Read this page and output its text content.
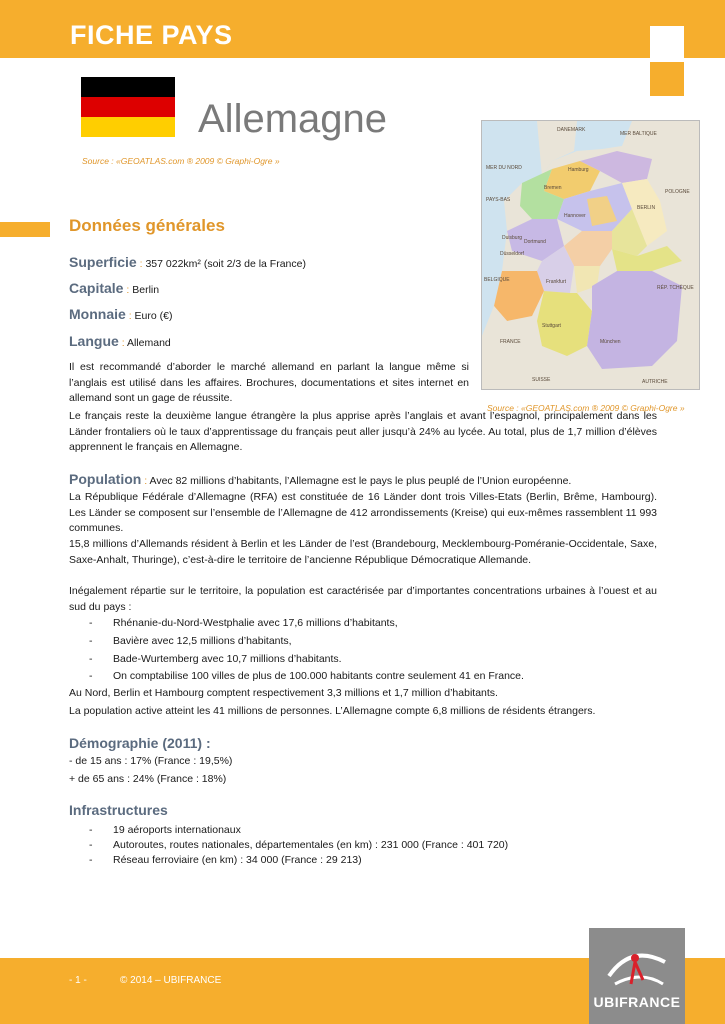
FICHE PAYS
Allemagne
Source : «GEOATLAS.com ® 2009 © Graphi-Ogre »
DANEMARK
MER BALTIQUE
MER DU NORD
PAYS-BAS
POLOGNE
BELGIQUE
RÉP. TCHÈQUE
FRANCE
AUTRICHE
SUISSE
Hamburg
Bremen
BERLIN
Hannover
Duisburg
Dortmund
Düsseldorf
Frankfurt
Stuttgart
München
Source : «GEOATLAS.com ® 2009 © Graphi-Ogre »
Données générales
Superficie : 357 022km² (soit 2/3 de la France)
Capitale : Berlin
Monnaie : Euro (€)
Langue : Allemand
Il est recommandé d’aborder le marché allemand en parlant la langue même si l’anglais est utilisé dans les affaires. Brochures, documentations et sites internet en allemand sont un gage de réussite.
Le français reste la deuxième langue étrangère la plus apprise après l’anglais et avant l’espagnol, principalement dans les Länder frontaliers où le taux d’apprentissage du français peut aller jusqu’à 24% au lycée. Au total, plus de 1,7 million d’élèves apprennent le français en Allemagne.
Population : Avec 82 millions d’habitants, l’Allemagne est le pays le plus peuplé de l’Union européenne.
La République Fédérale d’Allemagne (RFA) est constituée de 16 Länder dont trois Villes-Etats (Berlin, Brême, Hambourg). Les Länder se composent sur l’ensemble de l’Allemagne de 412 arrondissements (Kreise) qui eux-mêmes rassemblent 11 993 communes.
15,8 millions d’Allemands résident à Berlin et les Länder de l’est (Brandebourg, Mecklembourg-Poméranie-Occidentale, Saxe, Saxe-Anhalt, Thuringe), c’est-à-dire le territoire de l’ancienne République Démocratique Allemande.
Inégalement répartie sur le territoire, la population est caractérisée par d’importantes concentrations urbaines à l’ouest et au sud du pays :
- Rhénanie-du-Nord-Westphalie avec 17,6 millions d’habitants,
- Bavière avec 12,5 millions d’habitants,
- Bade-Wurtemberg avec 10,7 millions d’habitants.
- On comptabilise 100 villes de plus de 100.000 habitants contre seulement 41 en France.
Au Nord, Berlin et Hambourg comptent respectivement 3,3 millions et 1,7 million d’habitants.
La population active atteint les 41 millions de personnes. L’Allemagne compte 6,8 millions de résidents étrangers.
Démographie (2011) :
- de 15 ans : 17% (France : 19,5%)
+ de 65 ans : 24% (France : 18%)
Infrastructures
- 19 aéroports internationaux
- Autoroutes, routes nationales, départementales (en km) : 231 000 (France : 401 720)
- Réseau ferroviaire (en km) : 34 000 (France : 29 213)
- 1 -	© 2014 – UBIFRANCE
UBIFRANCE
